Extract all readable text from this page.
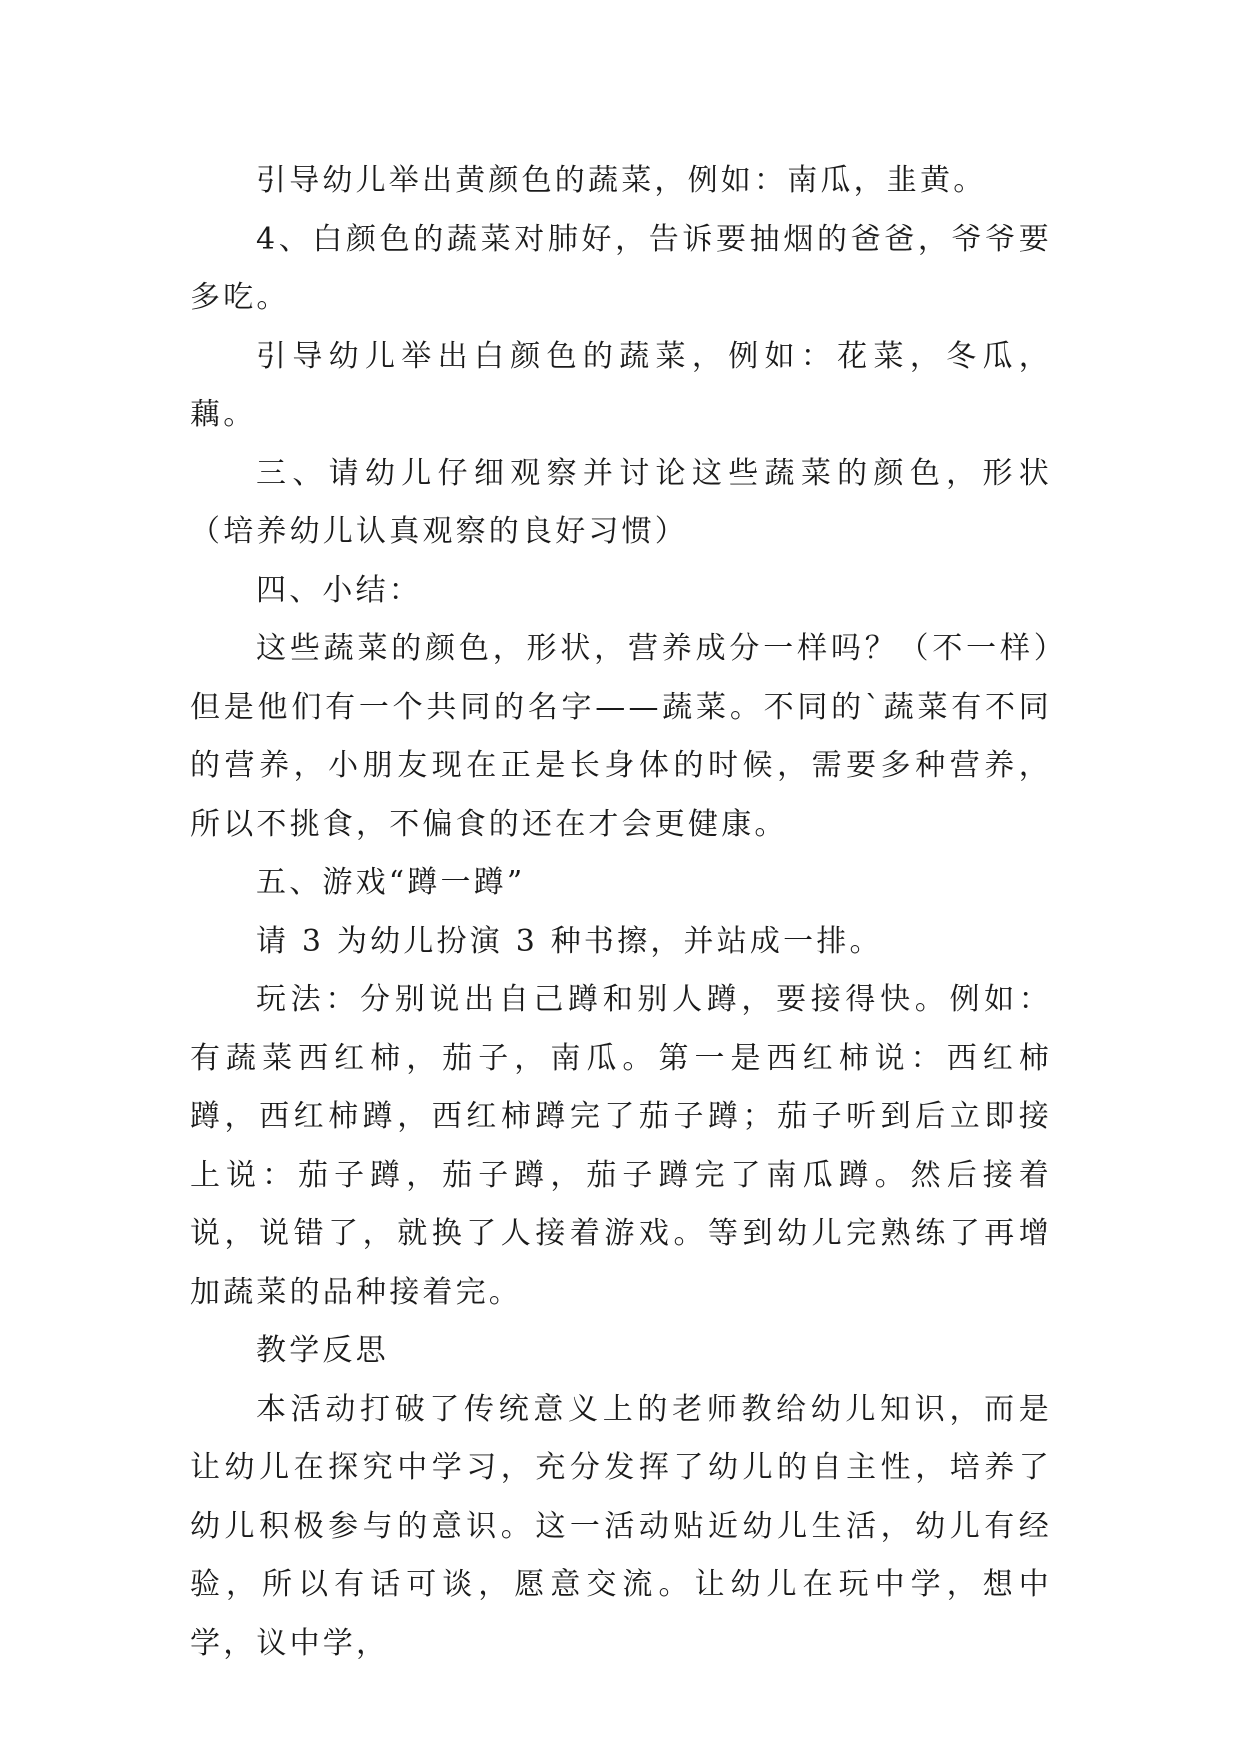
引导幼儿举出黄颜色的蔬菜，例如：南瓜，韭黄。

4、白颜色的蔬菜对肺好，告诉要抽烟的爸爸，爷爷要多吃。

引导幼儿举出白颜色的蔬菜，例如：花菜，冬瓜，藕。

三、请幼儿仔细观察并讨论这些蔬菜的颜色，形状（培养幼儿认真观察的良好习惯）

四、小结：

这些蔬菜的颜色，形状，营养成分一样吗？（不一样）但是他们有一个共同的名字——蔬菜。不同的`蔬菜有不同的营养，小朋友现在正是长身体的时候，需要多种营养，所以不挑食，不偏食的还在才会更健康。

五、游戏“蹲一蹲”

请 3 为幼儿扮演 3 种书擦，并站成一排。

玩法：分别说出自己蹲和别人蹲，要接得快。例如：有蔬菜西红柿，茄子，南瓜。第一是西红柿说：西红柿蹲，西红柿蹲，西红柿蹲完了茄子蹲；茄子听到后立即接上说：茄子蹲，茄子蹲，茄子蹲完了南瓜蹲。然后接着说，说错了，就换了人接着游戏。等到幼儿完熟练了再增加蔬菜的品种接着完。

教学反思

本活动打破了传统意义上的老师教给幼儿知识，而是让幼儿在探究中学习，充分发挥了幼儿的自主性，培养了幼儿积极参与的意识。这一活动贴近幼儿生活，幼儿有经验，所以有话可谈，愿意交流。让幼儿在玩中学，想中学，议中学，
